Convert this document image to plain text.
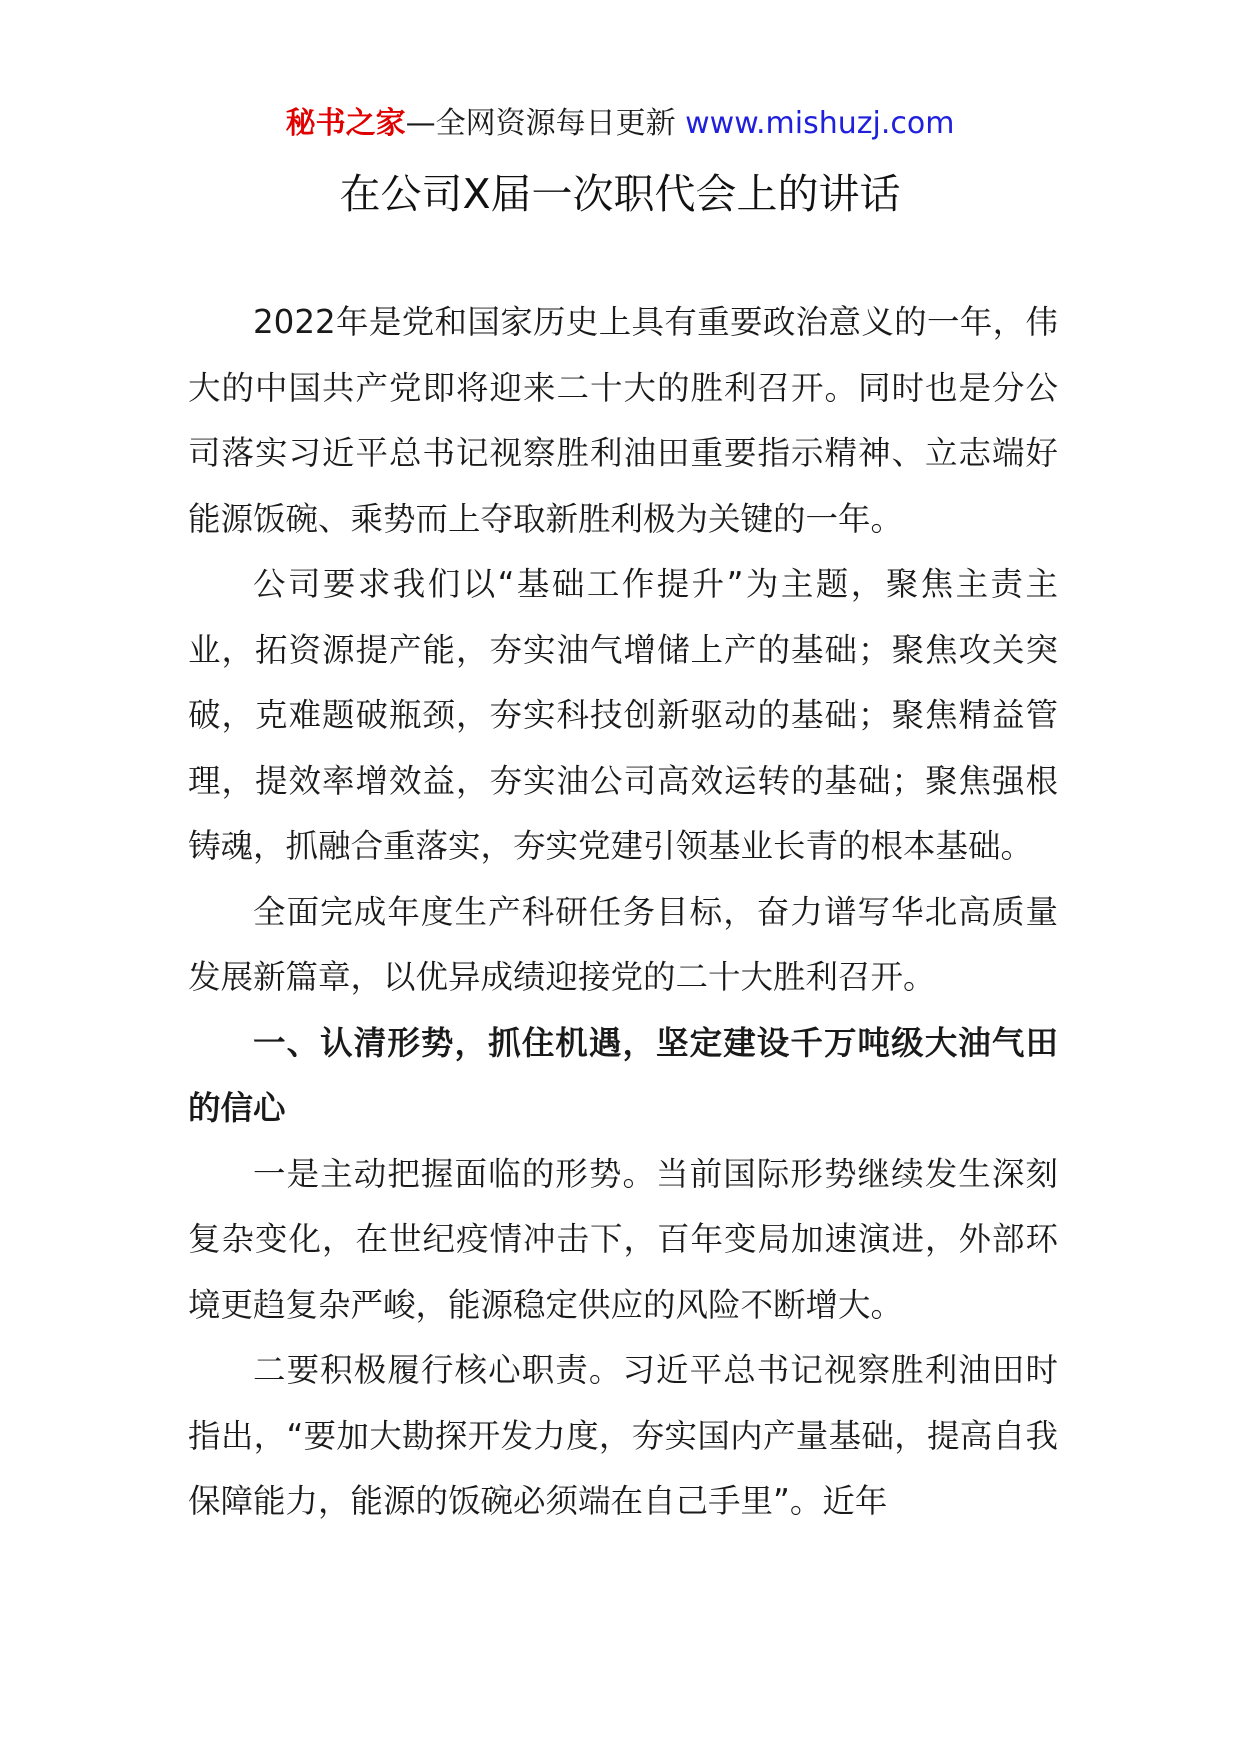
秘书之家—全网资源每日更新 www.mishuzj.com
在公司X届一次职代会上的讲话

2022年是党和国家历史上具有重要政治意义的一年，伟大的中国共产党即将迎来二十大的胜利召开。同时也是分公司落实习近平总书记视察胜利油田重要指示精神、立志端好能源饭碗、乘势而上夺取新胜利极为关键的一年。

公司要求我们以“基础工作提升”为主题，聚焦主责主业，拓资源提产能，夯实油气增储上产的基础；聚焦攻关突破，克难题破瓶颈，夯实科技创新驱动的基础；聚焦精益管理，提效率增效益，夯实油公司高效运转的基础；聚焦强根铸魂，抓融合重落实，夯实党建引领基业长青的根本基础。

全面完成年度生产科研任务目标，奋力谱写华北高质量发展新篇章，以优异成绩迎接党的二十大胜利召开。

一、认清形势，抓住机遇，坚定建设千万吨级大油气田的信心

一是主动把握面临的形势。当前国际形势继续发生深刻复杂变化，在世纪疫情冲击下，百年变局加速演进，外部环境更趋复杂严峻，能源稳定供应的风险不断增大。

二要积极履行核心职责。习近平总书记视察胜利油田时指出，“要加大勘探开发力度，夯实国内产量基础，提高自我保障能力，能源的饭碗必须端在自己手里”。近年
